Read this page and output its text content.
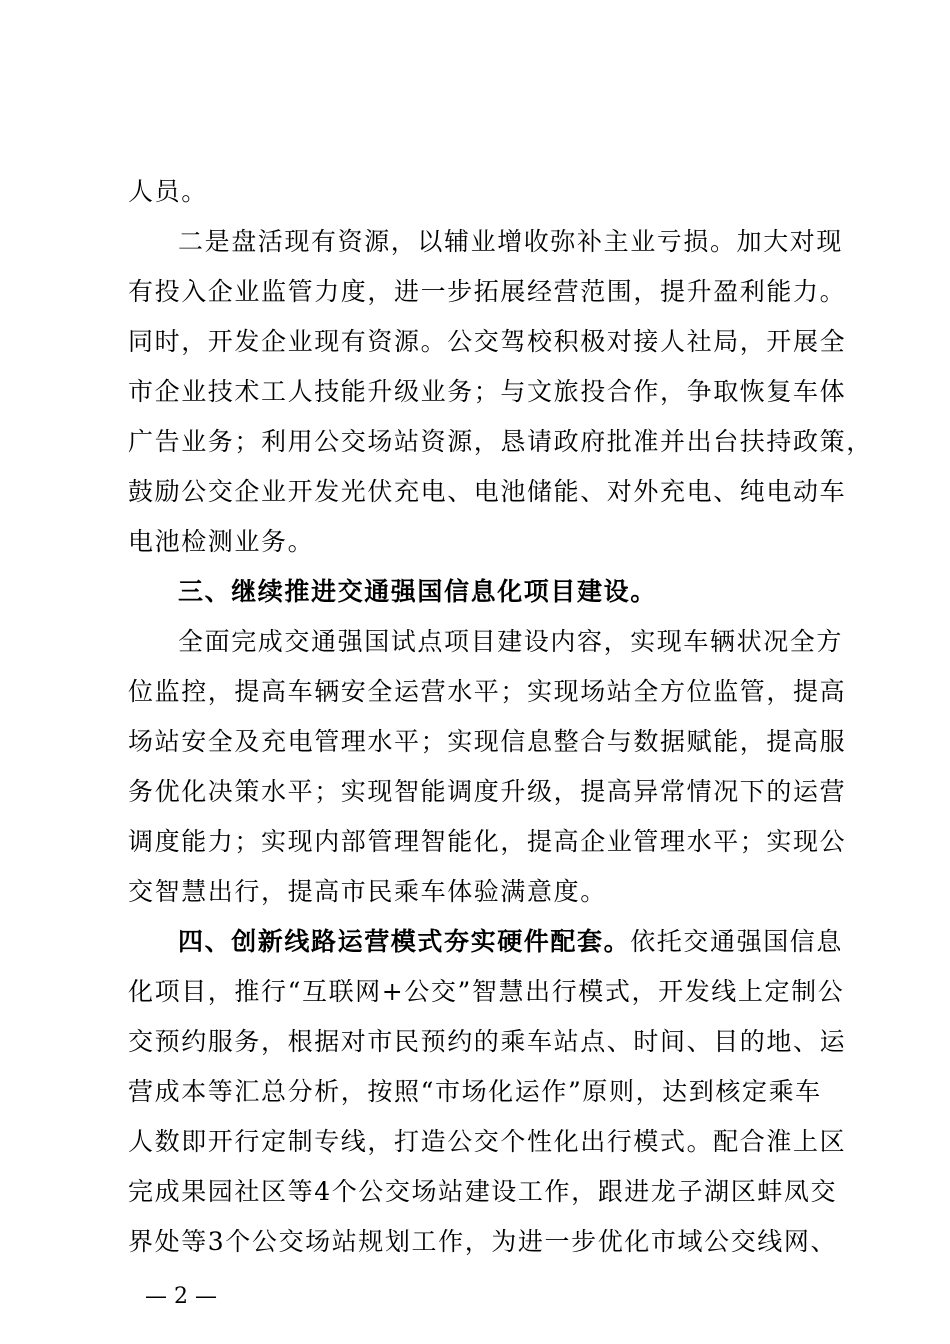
人员。
二是盘活现有资源，以辅业增收弥补主业亏损。加大对现
有投入企业监管力度，进一步拓展经营范围，提升盈利能力。
同时，开发企业现有资源。公交驾校积极对接人社局，开展全
市企业技术工人技能升级业务；与文旅投合作，争取恢复车体
广告业务；利用公交场站资源，恳请政府批准并出台扶持政策，
鼓励公交企业开发光伏充电、电池储能、对外充电、纯电动车
电池检测业务。
三、继续推进交通强国信息化项目建设。
全面完成交通强国试点项目建设内容，实现车辆状况全方
位监控，提高车辆安全运营水平；实现场站全方位监管，提高
场站安全及充电管理水平；实现信息整合与数据赋能，提高服
务优化决策水平；实现智能调度升级，提高异常情况下的运营
调度能力；实现内部管理智能化，提高企业管理水平；实现公
交智慧出行，提高市民乘车体验满意度。
四、创新线路运营模式夯实硬件配套。依托交通强国信息
化项目，推行“互联网+公交”智慧出行模式，开发线上定制公
交预约服务，根据对市民预约的乘车站点、时间、目的地、运
营成本等汇总分析，按照“市场化运作”原则，达到核定乘车
人数即开行定制专线，打造公交个性化出行模式。配合淮上区
完成果园社区等4个公交场站建设工作，跟进龙子湖区蚌凤交
界处等3个公交场站规划工作，为进一步优化市域公交线网、
— 2 —
